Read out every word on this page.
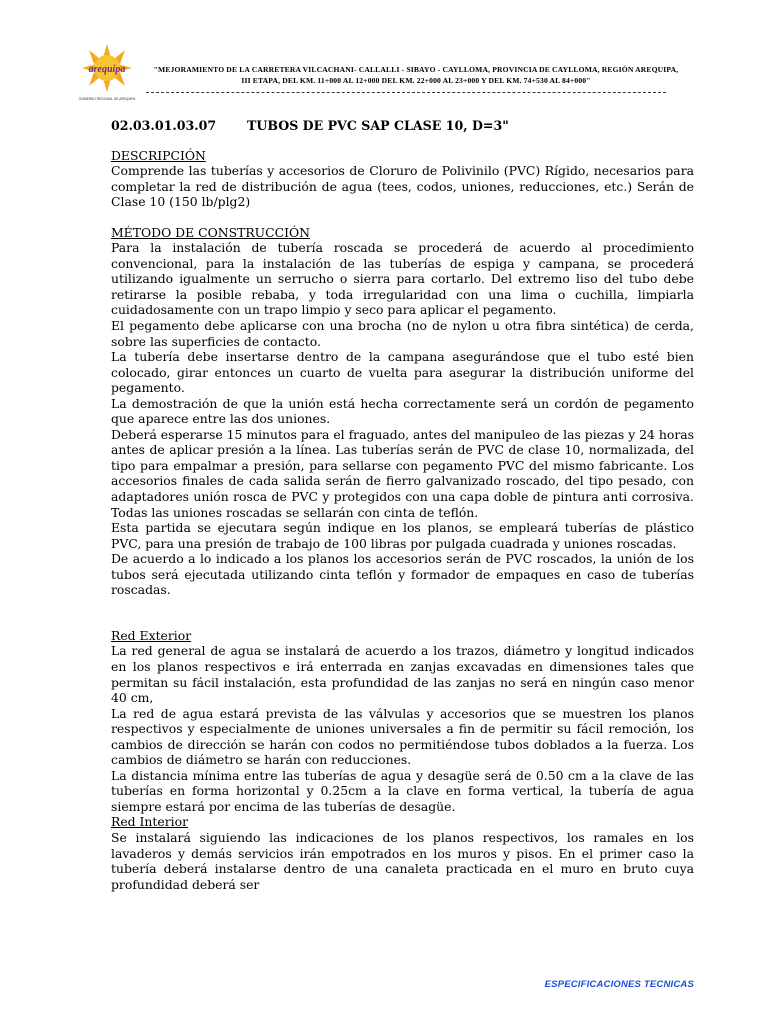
arequipa
GOBIERNO REGIONAL DE AREQUIPA
"MEJORAMIENTO DE LA CARRETERA VILCACHANI- CALLALLI - SIBAYO - CAYLLOMA, PROVINCIA DE CAYLLOMA, REGIÓN AREQUIPA,
III ETAPA, DEL KM. 11+000 AL 12+000 DEL KM. 22+000 AL 23+000 Y DEL KM. 74+530 AL 84+000"
02.03.01.03.07	TUBOS DE PVC SAP CLASE 10, D=3"
DESCRIPCIÓN

Comprende las tuberías y accesorios de Cloruro de Polivinilo (PVC) Rígido, necesarios para completar la red de distribución de agua (tees, codos, uniones, reducciones, etc.) Serán de Clase 10 (150 lb/plg2)

MÉTODO DE CONSTRUCCIÓN

Para la instalación de tubería roscada se procederá de acuerdo al procedimiento convencional, para la instalación de las tuberías de espiga y campana, se procederá utilizando igualmente un serrucho o sierra para cortarlo. Del extremo liso del tubo debe retirarse la posible rebaba, y toda irregularidad con una lima o cuchilla, limpiarla cuidadosamente con un trapo limpio y seco para aplicar el pegamento.

El pegamento debe aplicarse con una brocha (no de nylon u otra fibra sintética) de cerda, sobre las superficies de contacto.

La tubería debe insertarse dentro de la campana asegurándose que el tubo esté bien colocado, girar entonces un cuarto de vuelta para asegurar la distribución uniforme del pegamento.

La demostración de que la unión está hecha correctamente será un cordón de pegamento que aparece entre las dos uniones.

Deberá esperarse 15 minutos para el fraguado, antes del manipuleo de las piezas y 24 horas antes de aplicar presión a la línea. Las tuberías serán de PVC de clase 10, normalizada, del tipo para empalmar a presión, para sellarse con pegamento PVC del mismo fabricante. Los accesorios finales de cada salida serán de fierro galvanizado roscado, del tipo pesado, con adaptadores unión rosca de PVC y protegidos con una capa doble de pintura anti corrosiva. Todas las uniones roscadas se sellarán con cinta de teflón.

Esta partida se ejecutara según indique en los planos, se empleará tuberías de plástico PVC, para una presión de trabajo de 100 libras por pulgada cuadrada y uniones roscadas.

De acuerdo a lo indicado a los planos los accesorios serán de PVC roscados, la unión de los tubos será ejecutada utilizando cinta teflón y formador de empaques en caso de tuberías roscadas.

Red Exterior

La red general de agua se instalará de acuerdo a los trazos, diámetro y longitud indicados en los planos respectivos e irá enterrada en zanjas excavadas en dimensiones tales que permitan su fácil instalación, esta profundidad de las zanjas no será en ningún caso menor 40 cm,

La red de agua estará prevista de las válvulas y accesorios que se muestren los planos respectivos y especialmente de uniones universales a fin de permitir su fácil remoción, los cambios de dirección se harán con codos no permitiéndose tubos doblados a la fuerza. Los cambios de diámetro se harán con reducciones.

La distancia mínima entre las tuberías de agua y desagüe será de 0.50 cm a la clave de las tuberías en forma horizontal y 0.25cm a la clave en forma vertical, la tubería de agua siempre estará por encima de las tuberías de desagüe.

Red Interior

Se instalará siguiendo las indicaciones de los planos respectivos, los ramales en los lavaderos y demás servicios irán empotrados en los muros y pisos. En el primer caso la tubería deberá instalarse dentro de una canaleta practicada en el muro en bruto cuya profundidad deberá ser

ESPECIFICACIONES TECNICAS
